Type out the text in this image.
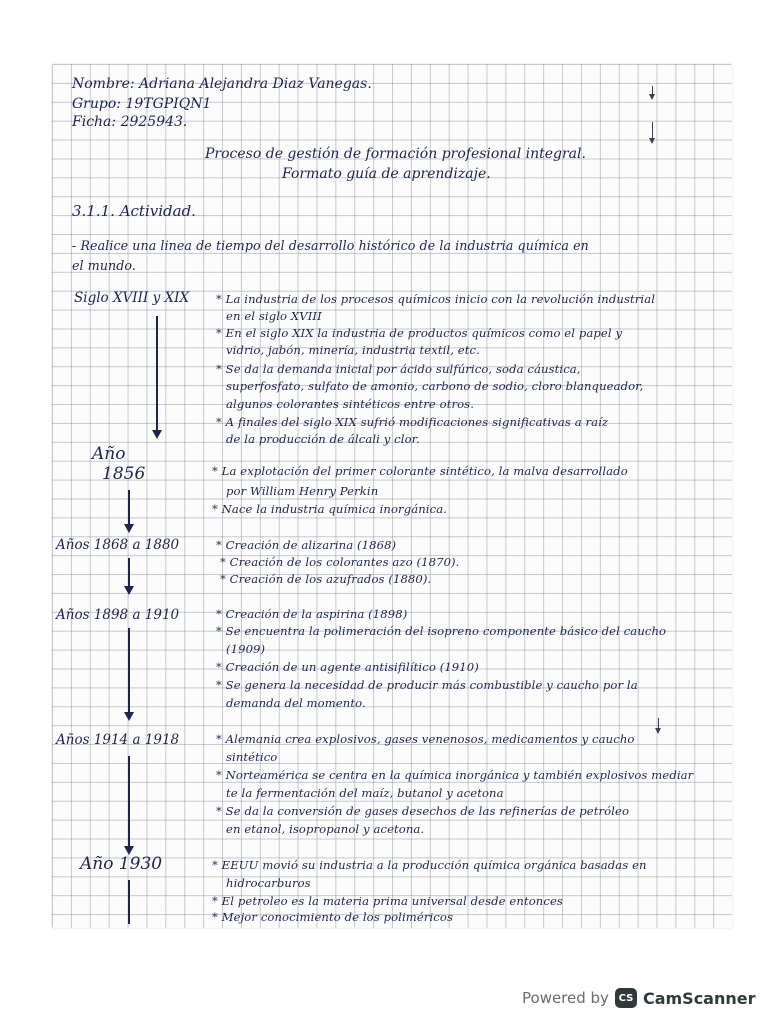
Nombre: Adriana Alejandra Diaz Vanegas.
Grupo: 19TGPIQN1
Ficha: 2925943.
Proceso de gestión de formación profesional integral.
Formato guía de aprendizaje.
3.1.1. Actividad.
- Realice una linea de tiempo del desarrollo histórico de la industria química en
el mundo.
Siglo XVIII y XIX * La industria de los procesos químicos inicio con la revolución industrial
en el siglo XVIII
* En el siglo XIX la industria de productos químicos como el papel y
vidrio, jabón, minería, industria textil, etc.
* Se da la demanda inicial por ácido sulfúrico, soda cáustica,
superfosfato, sulfato de amonio, carbono de sodio, cloro blanqueador,
algunos colorantes sintéticos entre otros.
* A finales del siglo XIX sufrió modificaciones significativas a raíz
de la producción de álcali y clor.
Año
1856	* La explotación del primer colorante sintético, la malva desarrollado
por William Henry Perkin
* Nace la industria química inorgánica.
Años 1868 a 1880	* Creación de alizarina (1868)
* Creación de los colorantes azo (1870).
* Creación de los azufrados (1880).
Años 1898 a 1910	* Creación de la aspirina (1898)
* Se encuentra la polimeración del isopreno componente básico del caucho
(1909)
* Creación de un agente antisifilítico (1910)
* Se genera la necesidad de producir más combustible y caucho por la
demanda del momento.
Años 1914 a 1918	* Alemania crea explosivos, gases venenosos, medicamentos y caucho
sintético
* Norteamérica se centra en la química inorgánica y también explosivos mediar
te la fermentación del maíz, butanol y acetona
* Se da la conversión de gases desechos de las refinerías de petróleo
en etanol, isopropanol y acetona.
Año 1930	* EEUU movió su industria a la producción química orgánica basadas en
hidrocarburos
* El petroleo es la materia prima universal desde entonces
* Mejor conocimiento de los poliméricos
Powered by CS CamScanner
